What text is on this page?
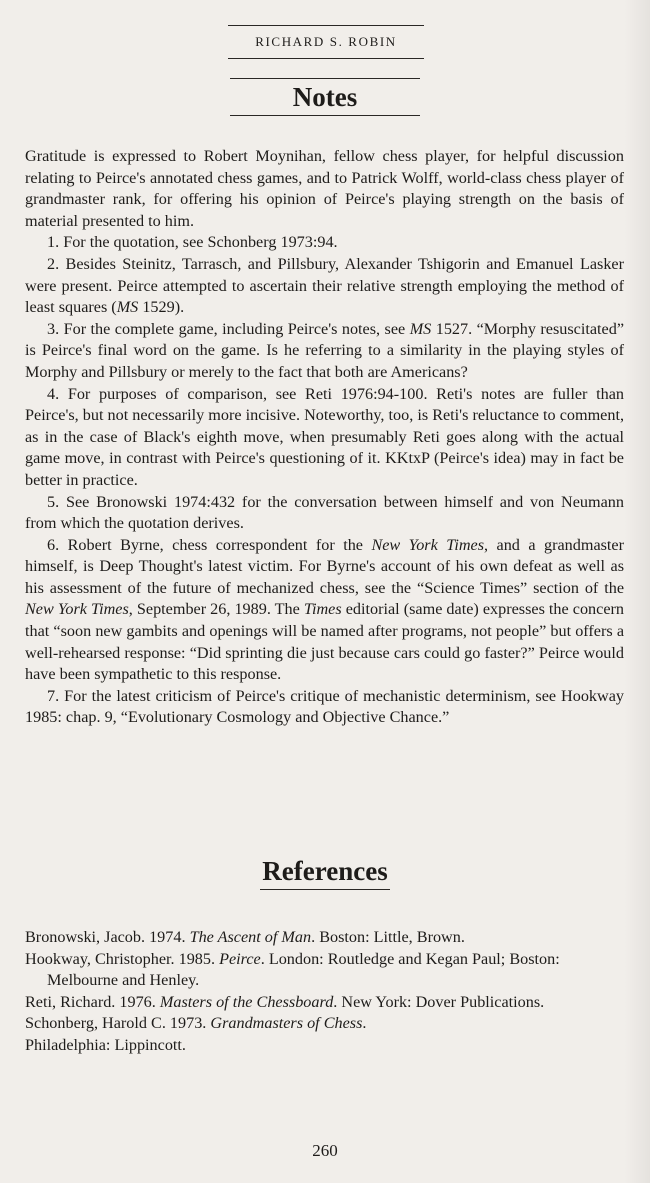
RICHARD S. ROBIN
Notes

Gratitude is expressed to Robert Moynihan, fellow chess player, for helpful discussion relating to Peirce's annotated chess games, and to Patrick Wolff, world-class chess player of grandmaster rank, for offering his opinion of Peirce's playing strength on the basis of material presented to him.

1. For the quotation, see Schonberg 1973:94.

2. Besides Steinitz, Tarrasch, and Pillsbury, Alexander Tshigorin and Emanuel Lasker were present. Peirce attempted to ascertain their relative strength employing the method of least squares (MS 1529).

3. For the complete game, including Peirce's notes, see MS 1527. “Morphy resuscitated” is Peirce's final word on the game. Is he referring to a similarity in the playing styles of Morphy and Pillsbury or merely to the fact that both are Americans?

4. For purposes of comparison, see Reti 1976:94-100. Reti's notes are fuller than Peirce's, but not necessarily more incisive. Noteworthy, too, is Reti's reluctance to comment, as in the case of Black's eighth move, when presumably Reti goes along with the actual game move, in contrast with Peirce's questioning of it. KKtxP (Peirce's idea) may in fact be better in practice.

5. See Bronowski 1974:432 for the conversation between himself and von Neumann from which the quotation derives.

6. Robert Byrne, chess correspondent for the New York Times, and a grandmaster himself, is Deep Thought's latest victim. For Byrne's account of his own defeat as well as his assessment of the future of mechanized chess, see the “Science Times” section of the New York Times, September 26, 1989. The Times editorial (same date) expresses the concern that “soon new gambits and openings will be named after programs, not people” but offers a well-rehearsed response: “Did sprinting die just because cars could go faster?” Peirce would have been sympathetic to this response.

7. For the latest criticism of Peirce's critique of mechanistic determinism, see Hookway 1985: chap. 9, “Evolutionary Cosmology and Objective Chance.”

References

Bronowski, Jacob. 1974. The Ascent of Man. Boston: Little, Brown.

Hookway, Christopher. 1985. Peirce. London: Routledge and Kegan Paul; Boston: Melbourne and Henley.

Reti, Richard. 1976. Masters of the Chessboard. New York: Dover Publications.

Schonberg, Harold C. 1973. Grandmasters of Chess.

Philadelphia: Lippincott.

260
